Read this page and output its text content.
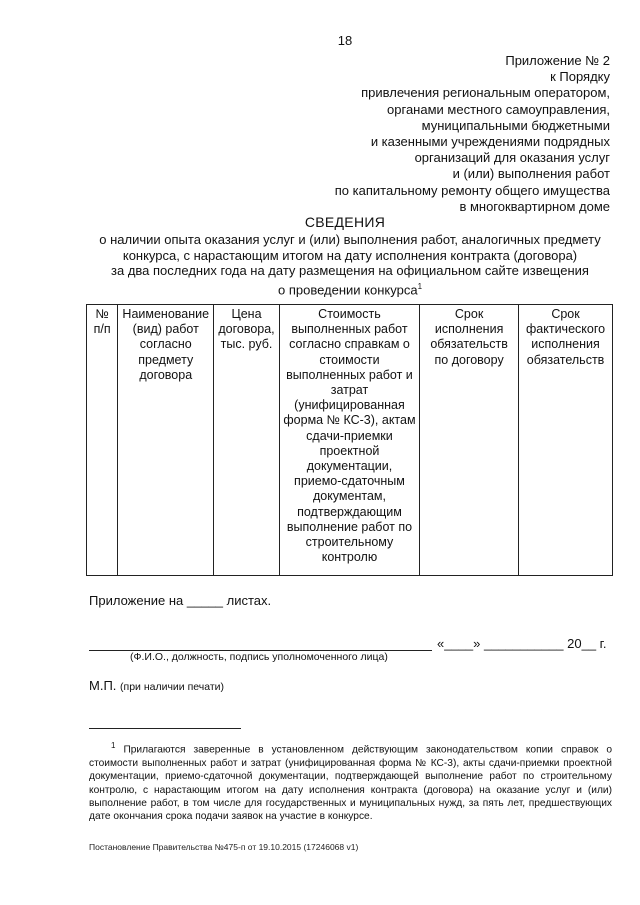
18
Приложение № 2
к Порядку
привлечения региональным оператором,
органами местного самоуправления,
муниципальными бюджетными
и казенными учреждениями подрядных
организаций для оказания услуг
и (или) выполнения работ
по капитальному ремонту общего имущества
в многоквартирном доме
СВЕДЕНИЯ
о наличии опыта оказания услуг и (или) выполнения работ, аналогичных предмету
конкурса, с нарастающим итогом на дату исполнения контракта (договора)
за два последних года на дату размещения на официальном сайте извещения
о проведении конкурса$^1$
№ п/п	Наименование (вид) работ согласно предмету договора	Цена договора, тыс. руб.	Стоимость выполненных работ согласно справкам о стоимости выполненных работ и затрат (унифицированная форма № КС-3), актам сдачи-приемки проектной документации, приемо-сдаточным документам, подтверждающим выполнение работ по строительному контролю	Срок исполнения обязательств по договору	Срок фактического исполнения обязательств
Приложение на _____ листах.
«____» ___________ 20__ г.
(Ф.И.О., должность, подпись уполномоченного лица)
М.П. (при наличии печати)

$^1$ Прилагаются заверенные в установленном действующим законодательством копии справок о стоимости выполненных работ и затрат (унифицированная форма № КС-3), акты сдачи-приемки проектной документации, приемо-сдаточной документации, подтверждающей выполнение работ по строительному контролю, с нарастающим итогом на дату исполнения контракта (договора) на оказание услуг и (или) выполнение работ, в том числе для государственных и муниципальных нужд, за пять лет, предшествующих дате окончания срока подачи заявок на участие в конкурсе.

Постановление Правительства №475-п от 19.10.2015 (17246068 v1)
